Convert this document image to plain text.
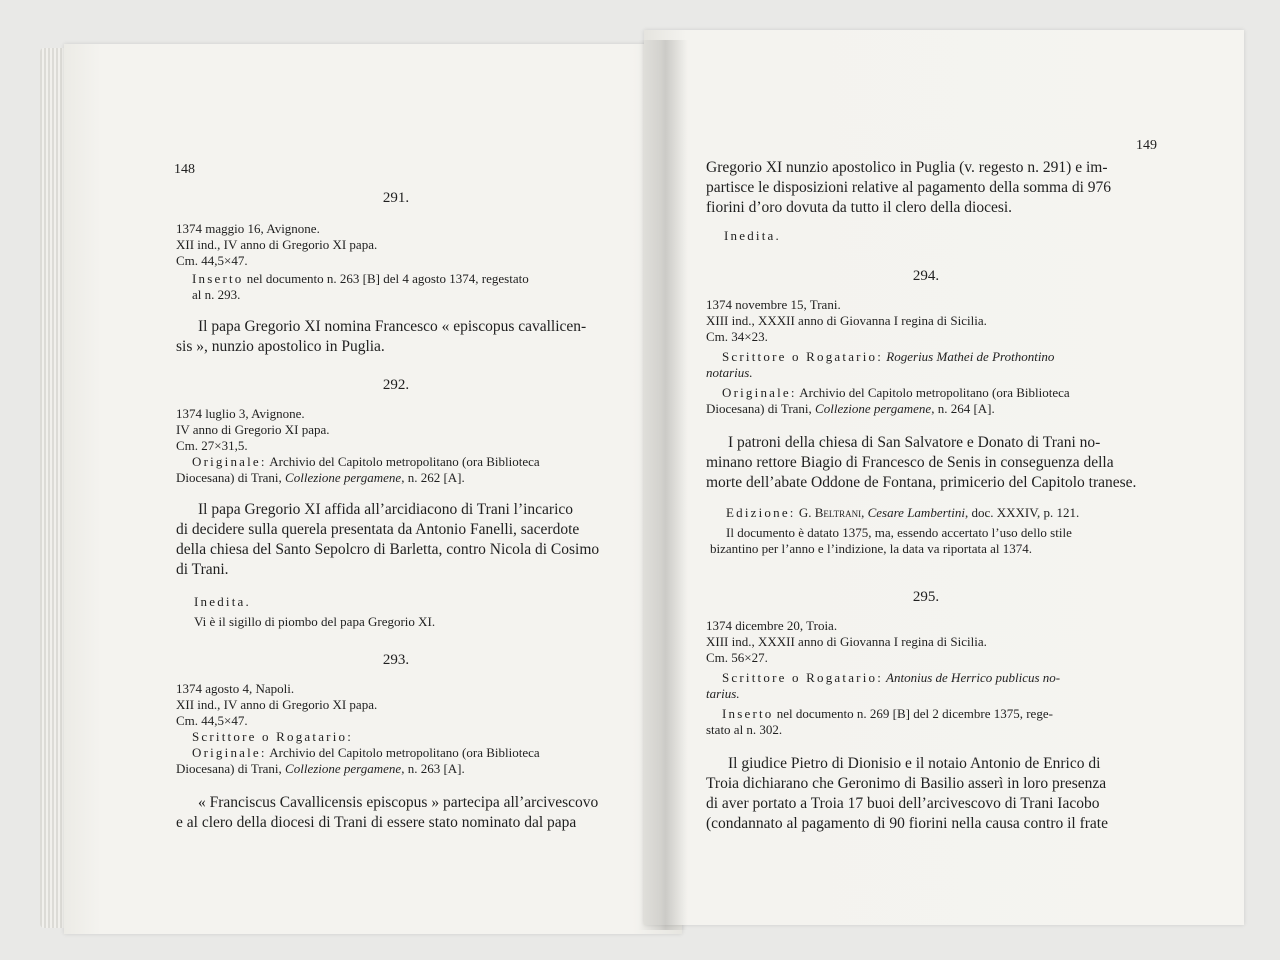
148

291.

1374 maggio 16, Avignone.

XII ind., IV anno di Gregorio XI papa.

Cm. 44,5×47.

Inserto nel documento n. 263 [B] del 4 agosto 1374, regestato

al n. 293.

Il papa Gregorio XI nomina Francesco « episcopus cavallicen-

sis », nunzio apostolico in Puglia.

292.

1374 luglio 3, Avignone.

IV anno di Gregorio XI papa.

Cm. 27×31,5.

Originale: Archivio del Capitolo metropolitano (ora Biblioteca

Diocesana) di Trani, Collezione pergamene, n. 262 [A].

Il papa Gregorio XI affida all’arcidiacono di Trani l’incarico

di decidere sulla querela presentata da Antonio Fanelli, sacerdote

della chiesa del Santo Sepolcro di Barletta, contro Nicola di Cosimo

di Trani.

Inedita.

Vi è il sigillo di piombo del papa Gregorio XI.

293.

1374 agosto 4, Napoli.

XII ind., IV anno di Gregorio XI papa.

Cm. 44,5×47.

Scrittore o Rogatario:

Originale: Archivio del Capitolo metropolitano (ora Biblioteca

Diocesana) di Trani, Collezione pergamene, n. 263 [A].

« Franciscus Cavallicensis episcopus » partecipa all’arcivescovo

e al clero della diocesi di Trani di essere stato nominato dal papa

149

Gregorio XI nunzio apostolico in Puglia (v. regesto n. 291) e im-

partisce le disposizioni relative al pagamento della somma di 976

fiorini d’oro dovuta da tutto il clero della diocesi.

Inedita.

294.

1374 novembre 15, Trani.

XIII ind., XXXII anno di Giovanna I regina di Sicilia.

Cm. 34×23.

Scrittore o Rogatario: Rogerius Mathei de Prothontino

notarius.

Originale: Archivio del Capitolo metropolitano (ora Biblioteca

Diocesana) di Trani, Collezione pergamene, n. 264 [A].

I patroni della chiesa di San Salvatore e Donato di Trani no-

minano rettore Biagio di Francesco de Senis in conseguenza della

morte dell’abate Oddone de Fontana, primicerio del Capitolo tranese.

Edizione: G. Beltrani, Cesare Lambertini, doc. XXXIV, p. 121.

Il documento è datato 1375, ma, essendo accertato l’uso dello stile

bizantino per l’anno e l’indizione, la data va riportata al 1374.

295.

1374 dicembre 20, Troia.

XIII ind., XXXII anno di Giovanna I regina di Sicilia.

Cm. 56×27.

Scrittore o Rogatario: Antonius de Herrico publicus no-

tarius.

Inserto nel documento n. 269 [B] del 2 dicembre 1375, rege-

stato al n. 302.

Il giudice Pietro di Dionisio e il notaio Antonio de Enrico di

Troia dichiarano che Geronimo di Basilio asserì in loro presenza

di aver portato a Troia 17 buoi dell’arcivescovo di Trani Iacobo

(condannato al pagamento di 90 fiorini nella causa contro il frate
